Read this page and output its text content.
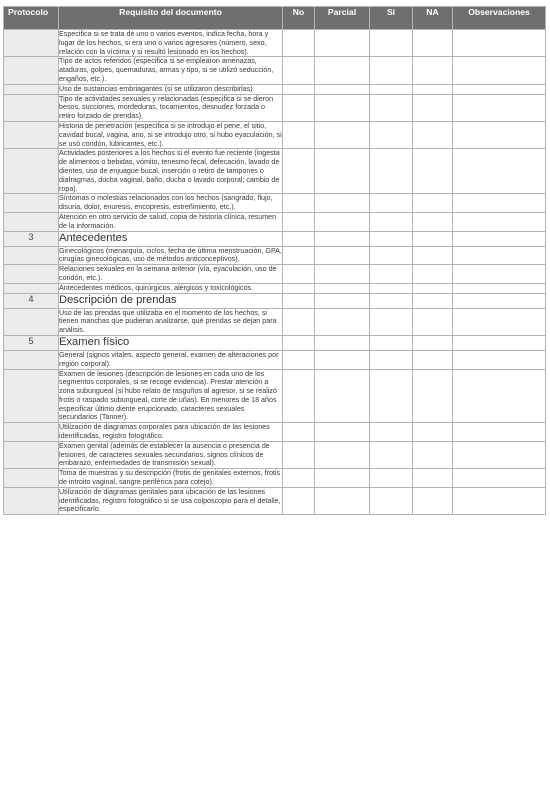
Protocolo	Requisito del documento	No	Parcial	Sí	NA	Observaciones
	Especifica si se trata de uno o varios eventos, indica fecha, hora y lugar de los hechos, si era uno o varios agresores (número, sexo, relación con la víctima y si resultó lesionado en los hechos).					
	Tipo de actos referidos (especifica si se emplearon amenazas, ataduras, golpes, quemaduras, armas y tipo, si se utilizó seducción, engaños, etc.).					
	Uso de sustancias embriagantes (si se utilizaron describirlas).					
	Tipo de actividades sexuales y relacionadas (especifica si se dieron besos, succiones, mordeduras, tocamientos, desnudez forzada o retiro forzado de prendas).					
	Historia de penetración (especifica si se introdujo el pene, el sitio, cavidad bucal, vagina, ano, si se introdujo otro, si hubo eyaculación, si se usó condón, lubricantes, etc.).					
	Actividades posteriores a los hechos si el evento fue reciente (ingesta de alimentos o bebidas, vómito, tenesmo fecal, defecación, lavado de dientes, uso de enjuague bucal, inserción o retiro de tampones o diafragmas, ducha vaginal, baño, ducha o lavado corporal; cambio de ropa).					
	Síntomas o molestias relacionados con los hechos (sangrado, flujo, disuria, dolor, enuresis, encopresis, estreñimiento, etc.).					
	Atención en otro servicio de salud, copia de historia clínica, resumen de la información.					
3	Antecedentes					
	Ginecológicos (menarquía, ciclos, fecha de última menstruación, GPA, cirugías ginecológicas, uso de métodos anticonceptivos).					
	Relaciones sexuales en la semana anterior (vía, eyaculación, uso de condón, etc.).					
	Antecedentes médicos, quirúrgicos, alérgicos y toxicológicos.					
4	Descripción de prendas					
	Uso de las prendas que utilizaba en el momento de los hechos, si tienen manchas que pudieran analizarse, qué prendas se dejan para análisis.					
5	Examen físico					
	General (signos vitales, aspecto general, examen de alteraciones por región corporal).					
	Examen de lesiones (descripción de lesiones en cada uno de los segmentos corporales, si se recoge evidencia). Prestar atención a zona subungueal (si hubo relato de rasguños al agresor, si se realizó frotis o raspado subungueal, corte de uñas). En menores de 18 años especificar último diente erupcionado, caracteres sexuales secundarios (Tanner).					
	Utilización de diagramas corporales para ubicación de las lesiones identificadas, registro fotográfico.					
	Examen genital (además de establecer la ausencia o presencia de lesiones, de caracteres sexuales secundarios, signos clínicos de embarazo, enfermedades de transmisión sexual).					
	Toma de muestras y su descripción (frotis de genitales externos, frotis de introito vaginal, sangre periférica para cotejo).					
	Utilización de diagramas genitales para ubicación de las lesiones identificadas, registro fotográfico si se usa colposcopio para el detalle, especificarlo.					
